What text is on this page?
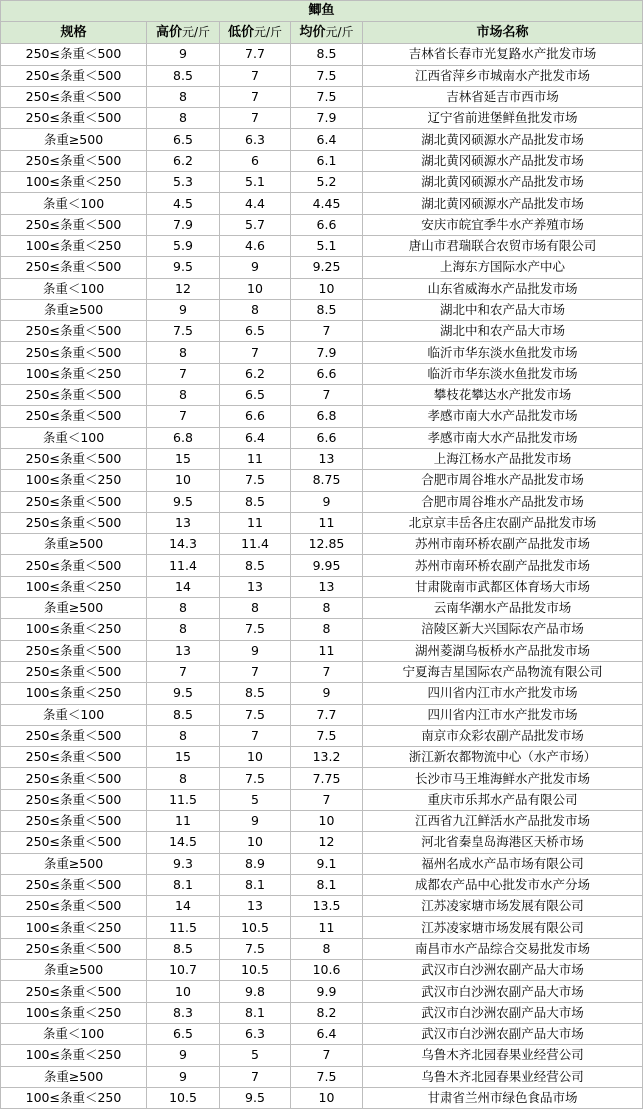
鲫鱼				
规格	高价元/斤	低价元/斤	均价元/斤	市场名称
250≤条重＜500	9	7.7	8.5	吉林省长春市光复路水产批发市场
250≤条重＜500	8.5	7	7.5	江西省萍乡市城南水产批发市场
250≤条重＜500	8	7	7.5	吉林省延吉市西市场
250≤条重＜500	8	7	7.9	辽宁省前进堡鲜鱼批发市场
条重≥500	6.5	6.3	6.4	湖北黄冈硕源水产品批发市场
250≤条重＜500	6.2	6	6.1	湖北黄冈硕源水产品批发市场
100≤条重＜250	5.3	5.1	5.2	湖北黄冈硕源水产品批发市场
条重＜100	4.5	4.4	4.45	湖北黄冈硕源水产品批发市场
250≤条重＜500	7.9	5.7	6.6	安庆市皖宜季牛水产养殖市场
100≤条重＜250	5.9	4.6	5.1	唐山市君瑞联合农贸市场有限公司
250≤条重＜500	9.5	9	9.25	上海东方国际水产中心
条重＜100	12	10	10	山东省威海水产品批发市场
条重≥500	9	8	8.5	湖北中和农产品大市场
250≤条重＜500	7.5	6.5	7	湖北中和农产品大市场
250≤条重＜500	8	7	7.9	临沂市华东淡水鱼批发市场
100≤条重＜250	7	6.2	6.6	临沂市华东淡水鱼批发市场
250≤条重＜500	8	6.5	7	攀枝花攀达水产批发市场
250≤条重＜500	7	6.6	6.8	孝感市南大水产品批发市场
条重＜100	6.8	6.4	6.6	孝感市南大水产品批发市场
250≤条重＜500	15	11	13	上海江杨水产品批发市场
100≤条重＜250	10	7.5	8.75	合肥市周谷堆水产品批发市场
250≤条重＜500	9.5	8.5	9	合肥市周谷堆水产品批发市场
250≤条重＜500	13	11	11	北京京丰岳各庄农副产品批发市场
条重≥500	14.3	11.4	12.85	苏州市南环桥农副产品批发市场
250≤条重＜500	11.4	8.5	9.95	苏州市南环桥农副产品批发市场
100≤条重＜250	14	13	13	甘肃陇南市武都区体育场大市场
条重≥500	8	8	8	云南华潮水产品批发市场
100≤条重＜250	8	7.5	8	涪陵区新大兴国际农产品市场
250≤条重＜500	13	9	11	湖州菱湖乌板桥水产品批发市场
250≤条重＜500	7	7	7	宁夏海吉星国际农产品物流有限公司
100≤条重＜250	9.5	8.5	9	四川省内江市水产批发市场
条重＜100	8.5	7.5	7.7	四川省内江市水产批发市场
250≤条重＜500	8	7	7.5	南京市众彩农副产品批发市场
250≤条重＜500	15	10	13.2	浙江新农都物流中心（水产市场）
250≤条重＜500	8	7.5	7.75	长沙市马王堆海鲜水产批发市场
250≤条重＜500	11.5	5	7	重庆市乐邦水产品有限公司
250≤条重＜500	11	9	10	江西省九江鲜活水产品批发市场
250≤条重＜500	14.5	10	12	河北省秦皇岛海港区天桥市场
条重≥500	9.3	8.9	9.1	福州名成水产品市场有限公司
250≤条重＜500	8.1	8.1	8.1	成都农产品中心批发市水产分场
250≤条重＜500	14	13	13.5	江苏凌家塘市场发展有限公司
100≤条重＜250	11.5	10.5	11	江苏凌家塘市场发展有限公司
250≤条重＜500	8.5	7.5	8	南昌市水产品综合交易批发市场
条重≥500	10.7	10.5	10.6	武汉市白沙洲农副产品大市场
250≤条重＜500	10	9.8	9.9	武汉市白沙洲农副产品大市场
100≤条重＜250	8.3	8.1	8.2	武汉市白沙洲农副产品大市场
条重＜100	6.5	6.3	6.4	武汉市白沙洲农副产品大市场
100≤条重＜250	9	5	7	乌鲁木齐北园春果业经营公司
条重≥500	9	7	7.5	乌鲁木齐北园春果业经营公司
100≤条重＜250	10.5	9.5	10	甘肃省兰州市绿色食品市场
